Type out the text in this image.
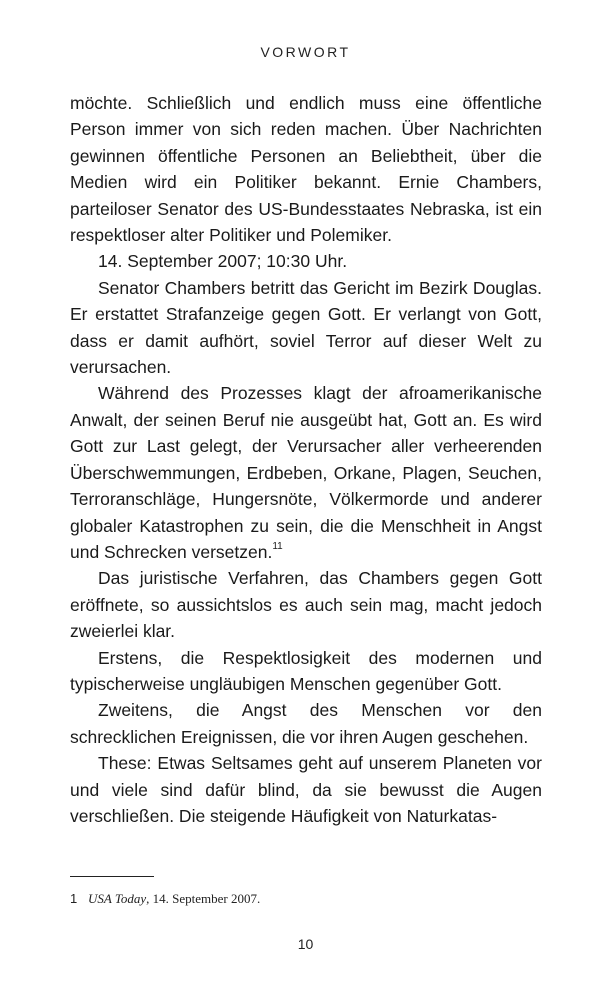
VORWORT

möchte. Schließlich und endlich muss eine öffentliche Person immer von sich reden machen. Über Nachrichten gewinnen öffentliche Personen an Beliebtheit, über die Medien wird ein Politiker bekannt. Ernie Chambers, parteiloser Senator des US-Bundesstaates Nebraska, ist ein respektloser alter Politiker und Polemiker.

14. September 2007; 10:30 Uhr.

Senator Chambers betritt das Gericht im Bezirk Douglas. Er erstattet Strafanzeige gegen Gott. Er verlangt von Gott, dass er damit aufhört, soviel Terror auf dieser Welt zu verursachen.

Während des Prozesses klagt der afroamerikanische Anwalt, der seinen Beruf nie ausgeübt hat, Gott an. Es wird Gott zur Last gelegt, der Verursacher aller verheerenden Überschwemmungen, Erdbeben, Orkane, Plagen, Seuchen, Terroranschläge, Hungersnöte, Völkermorde und anderer globaler Katastrophen zu sein, die die Menschheit in Angst und Schrecken versetzen.$^{11}$

Das juristische Verfahren, das Chambers gegen Gott eröffnete, so aussichtslos es auch sein mag, macht jedoch zweierlei klar.

Erstens, die Respektlosigkeit des modernen und typischerweise ungläubigen Menschen gegenüber Gott.

Zweitens, die Angst des Menschen vor den schrecklichen Ereignissen, die vor ihren Augen geschehen.

These: Etwas Seltsames geht auf unserem Planeten vor und viele sind dafür blind, da sie bewusst die Augen verschließen. Die steigende Häufigkeit von Naturkatas-

1 USA Today, 14. September 2007.
10
